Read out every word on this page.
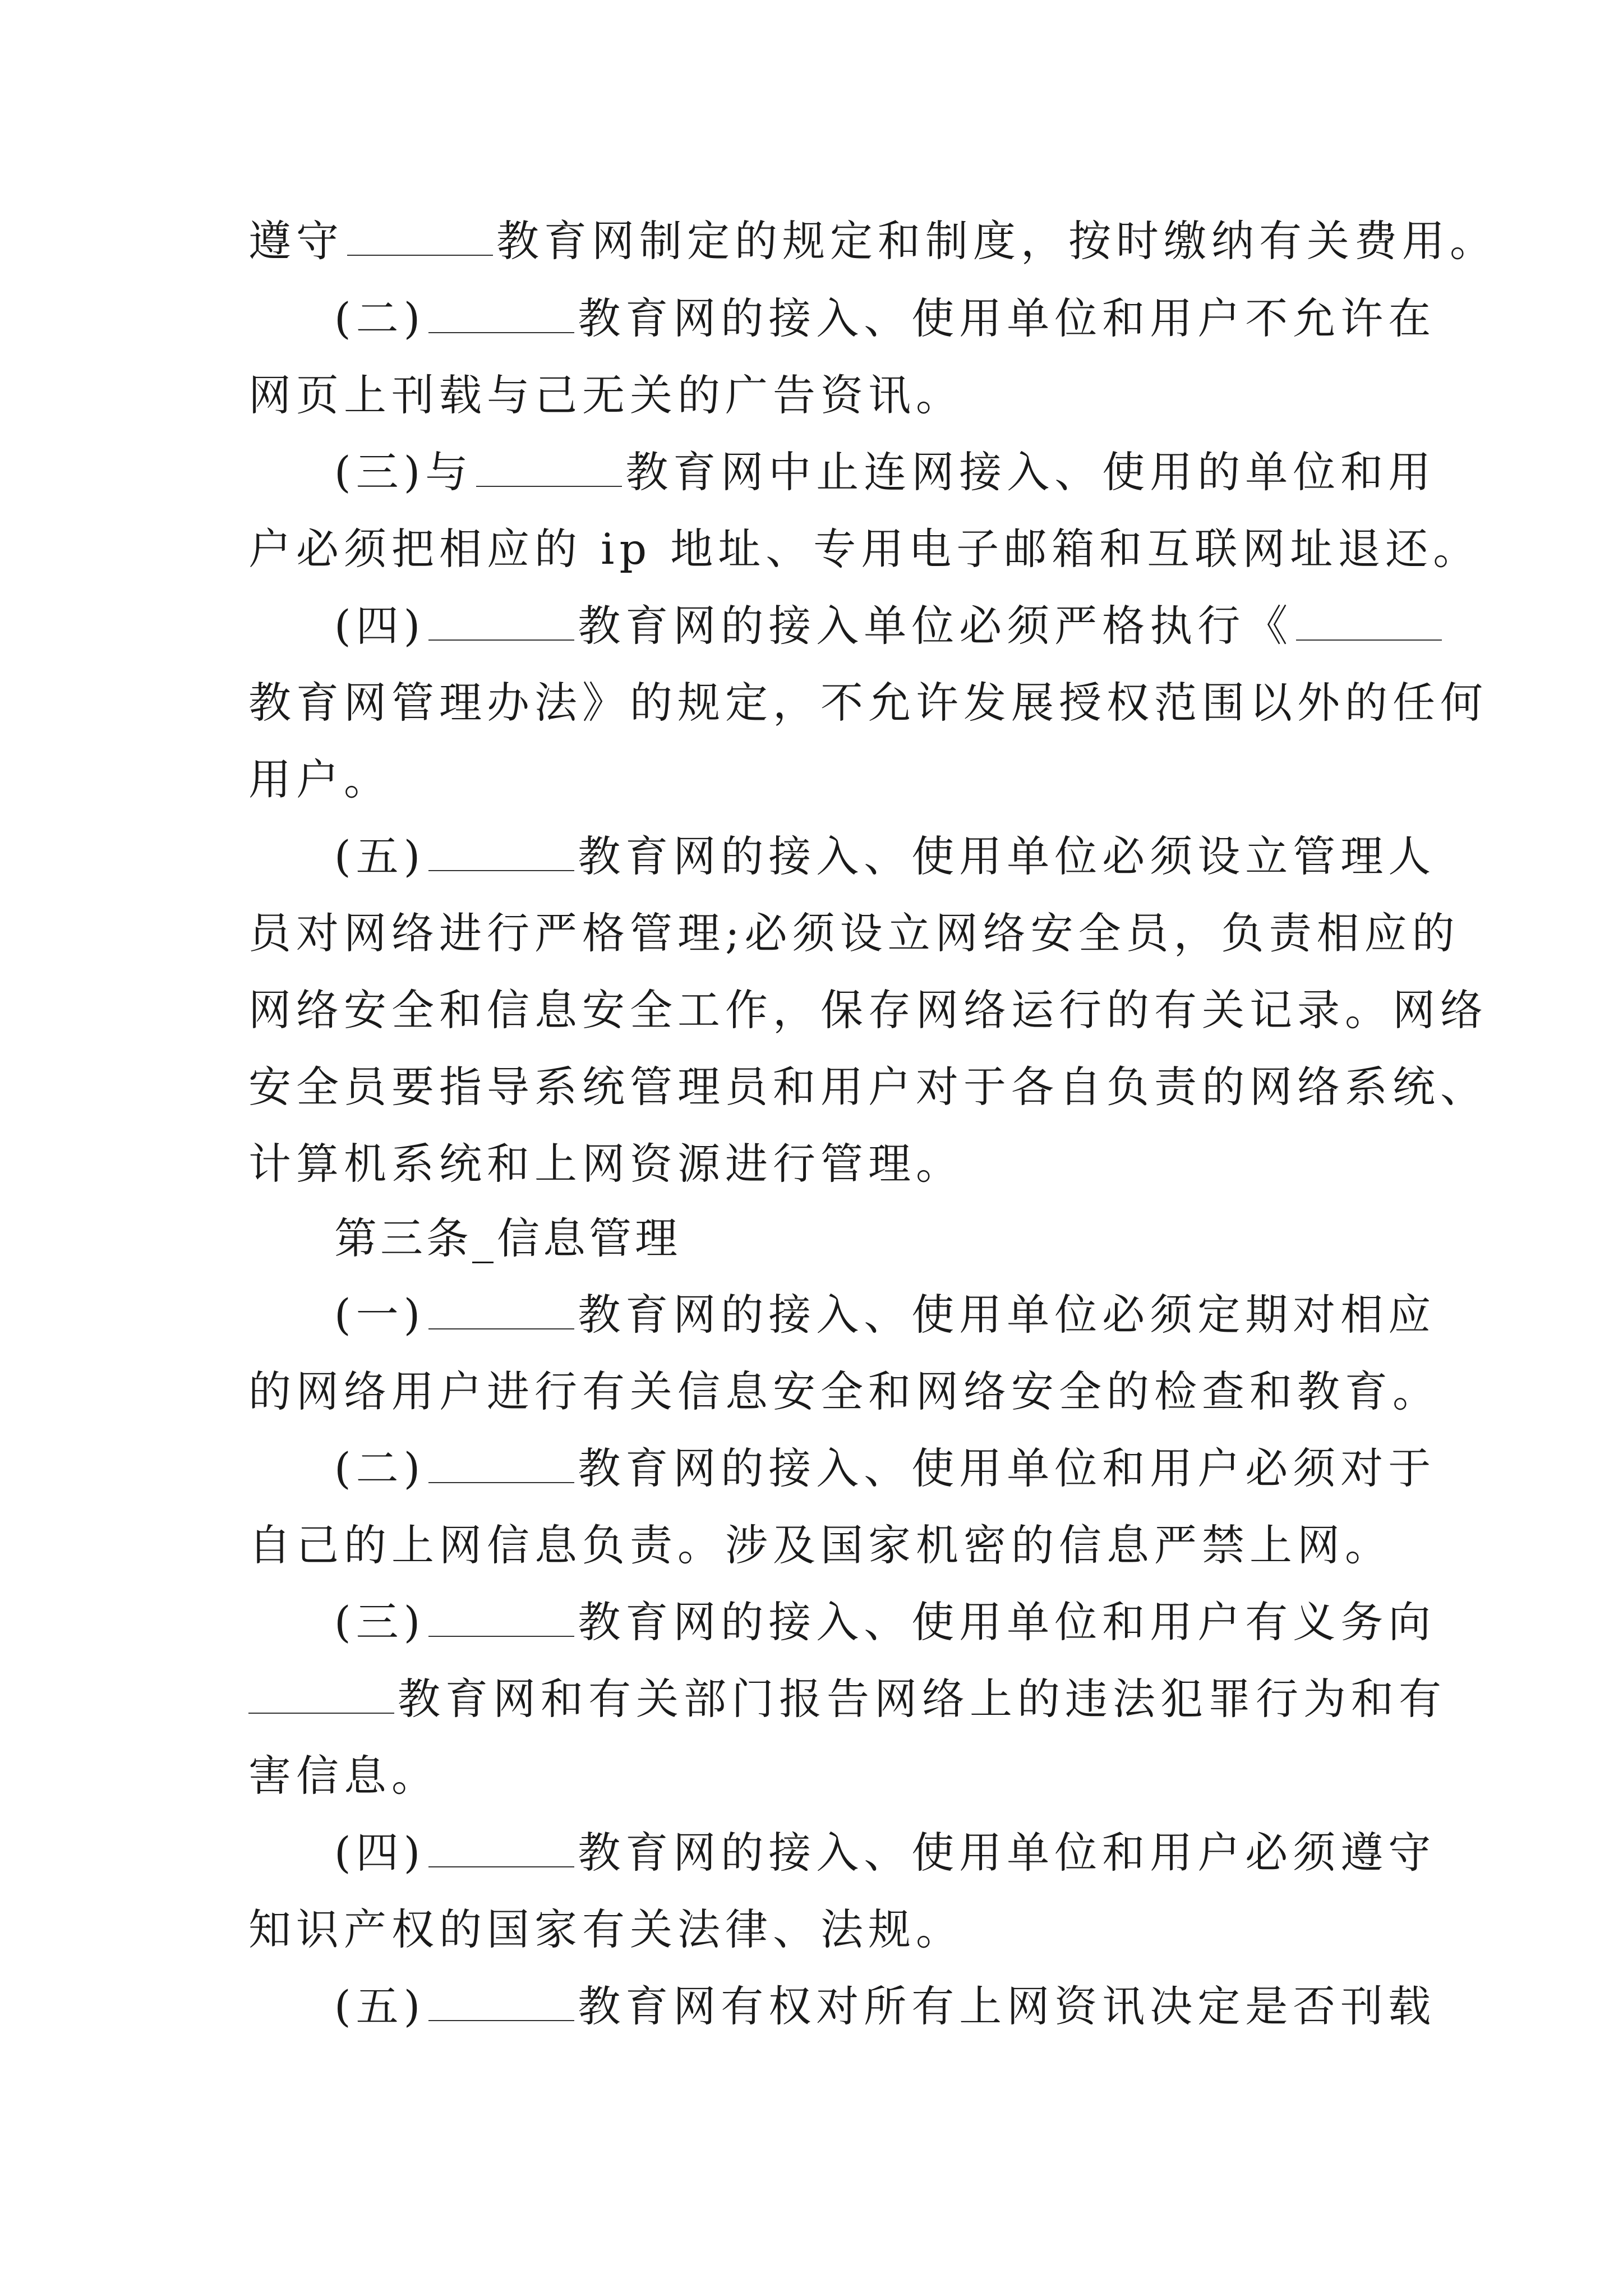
遵守	教育网制定的规定和制度，按时缴纳有关费用。
(二)	教育网的接入、使用单位和用户不允许在
网页上刊载与己无关的广告资讯。
(三)与	教育网中止连网接入、使用的单位和用
户必须把相应的 ip 地址、专用电子邮箱和互联网址退还。
(四)	教育网的接入单位必须严格执行《
教育网管理办法》的规定，不允许发展授权范围以外的任何
用户。
(五)	教育网的接入、使用单位必须设立管理人
员对网络进行严格管理;必须设立网络安全员，负责相应的
网络安全和信息安全工作，保存网络运行的有关记录。网络
安全员要指导系统管理员和用户对于各自负责的网络系统、
计算机系统和上网资源进行管理。
第三条_信息管理
(一)	教育网的接入、使用单位必须定期对相应
的网络用户进行有关信息安全和网络安全的检查和教育。
(二)	教育网的接入、使用单位和用户必须对于
自己的上网信息负责。涉及国家机密的信息严禁上网。
(三)	教育网的接入、使用单位和用户有义务向
教育网和有关部门报告网络上的违法犯罪行为和有
害信息。
(四)	教育网的接入、使用单位和用户必须遵守
知识产权的国家有关法律、法规。
(五)	教育网有权对所有上网资讯决定是否刊载
